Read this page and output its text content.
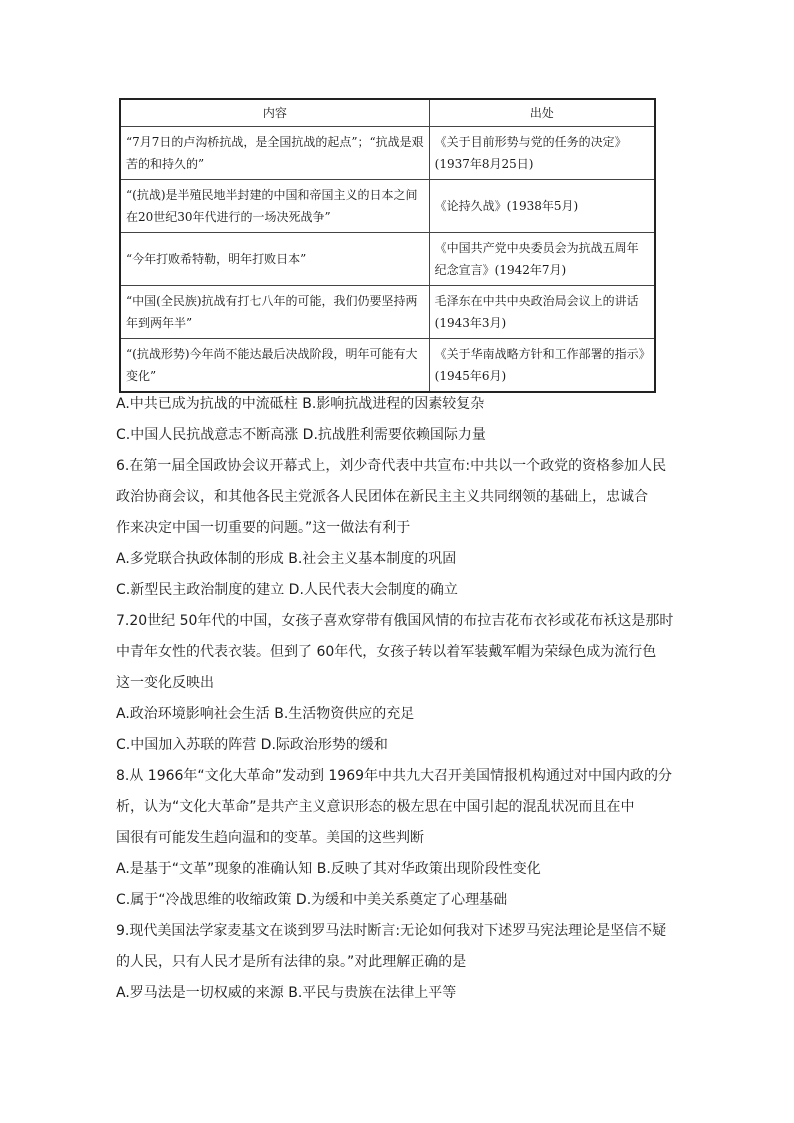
内容	出处
“7月7日的卢沟桥抗战，是全国抗战的起点”；“抗战是艰苦的和持久的”	《关于目前形势与党的任务的决定》(1937年8月25日)
“(抗战)是半殖民地半封建的中国和帝国主义的日本之间在20世纪30年代进行的一场决死战争”	《论持久战》(1938年5月)
“今年打败希特勒，明年打败日本”	《中国共产党中央委员会为抗战五周年纪念宣言》(1942年7月)
“中国(全民族)抗战有打七八年的可能，我们仍要坚持两年到两年半”	毛泽东在中共中央政治局会议上的讲话(1943年3月)
“(抗战形势)今年尚不能达最后决战阶段，明年可能有大变化”	《关于华南战略方针和工作部署的指示》(1945年6月)
A.中共已成为抗战的中流砥柱 B.影响抗战进程的因素较复杂
C.中国人民抗战意志不断高涨 D.抗战胜利需要依赖国际力量
6.在第一届全国政协会议开幕式上，刘少奇代表中共宣布:中共以一个政党的资格参加人民
政治协商会议，和其他各民主党派各人民团体在新民主主义共同纲领的基础上，忠诚合
作来决定中国一切重要的问题。”这一做法有利于
A.多党联合执政体制的形成 B.社会主义基本制度的巩固
C.新型民主政治制度的建立 D.人民代表大会制度的确立
7.20世纪 50年代的中国，女孩子喜欢穿带有俄国风情的布拉吉花布衣衫或花布袄这是那时
中青年女性的代表衣装。但到了 60年代，女孩子转以着军装戴军帽为荣绿色成为流行色
这一变化反映出
A.政治环境影响社会生活 B.生活物资供应的充足
C.中国加入苏联的阵营 D.际政治形势的缓和
8.从 1966年“文化大革命”发动到 1969年中共九大召开美国情报机构通过对中国内政的分
析，认为“文化大革命”是共产主义意识形态的极左思在中国引起的混乱状况而且在中
国很有可能发生趋向温和的变革。美国的这些判断
A.是基于“文革”现象的准确认知 B.反映了其对华政策出现阶段性变化
C.属于“冷战思维的收缩政策 D.为缓和中美关系奠定了心理基础
9.现代美国法学家麦基文在谈到罗马法时断言:无论如何我对下述罗马宪法理论是坚信不疑
的人民，只有人民才是所有法律的泉。”对此理解正确的是
A.罗马法是一切权威的来源 B.平民与贵族在法律上平等
